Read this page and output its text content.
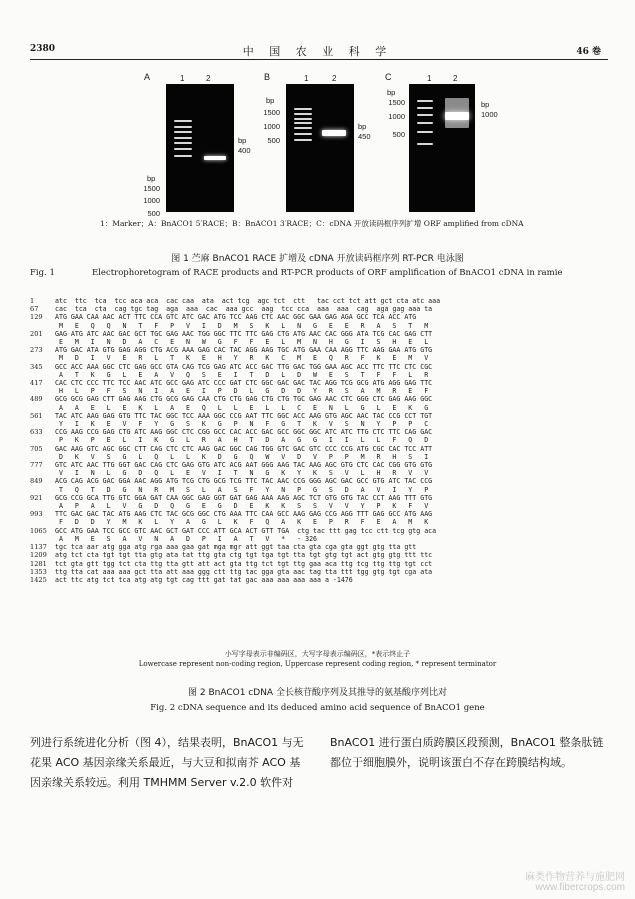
2380	中 国 农 业 科 学	46 卷
A	1	2
bp
1500
1000
500
bp
400
B	1	2
bp
1500
1000
500
bp
450
C	1	2
bp
1500
1000
500
bp
1000
1：Marker；A：BnACO1 5′RACE；B：BnACO1 3′RACE；C：cDNA 开放读码框序列扩增 ORF amplified from cDNA
图 1 苎麻 BnACO1 RACE 扩增及 cDNA 开放读码框序列 RT-PCR 电泳图
Fig. 1	Electrophoretogram of RACE products and RT-PCR products of ORF amplification of BnACO1 cDNA in ramie
1	atc  ttc  tca  tcc aca aca  cac caa  ata  act tcg  agc tct  ctt   tac cct tct att gct cta atc aaa
67	cac  tca  cta  cag tgc tag  aga  aaa  cac  aaa gcc  aag  tcc cca  aaa  aaa  cag  aga gag aaa ta
129	ATG GAA CAA AAC ACT TTC CCA GTC ATC GAC ATG TCC AAG CTC AAC GGC GAA GAG AGA GCC TCA ACC ATG
M   E   Q   Q   N   T   F   P   V   I   D   M   S   K   L   N   G   E   E   R   A   S   T   M
201	GAG ATG ATC AAC GAC GCT TGC GAG AAC TGG GGC TTC TTC GAG CTG ATG AAC CAC GGG ATA TCG CAC GAG CTT
E   M   I   N   D   A   C   E   N   W   G   F   F   E   L   M   N   H   G   I   S   H   E   L
273	ATG GAC ATA GTG GAG AGG CTG ACG AAA GAG CAC TAC AGG AAG TGC ATG GAA CAA AGG TTC AAG GAA ATG GTG
M   D   I   V   E   R   L   T   K   E   H   Y   R   K   C   M   E   Q   R   F   K   E   M   V
345	GCC ACC AAA GGC CTC GAG GCC GTA CAG TCG GAG ATC ACC GAC TTG GAC TGG GAA AGC ACC TTC TTC CTC CGC
A   T   K   G   L   E   A   V   Q   S   E   I   T   D   L   D   W   E   S   T   F   F   L   R
417	CAC CTC CCC TTC TCC AAC ATC GCC GAG ATC CCC GAT CTC GGC GAC GAC TAC AGG TCG GCG ATG AGG GAG TTC
H   L   P   F   S   N   I   A   E   I   P   D   L   G   D   D   Y   R   S   A   M   R   E   F
489	GCG GCG GAG CTT GAG AAG CTG GCG GAG CAA CTG CTG GAG CTG CTG TGC GAG AAC CTC GGG CTC GAG AAG GGC
A   A   E   L   E   K   L   A   E   Q   L   L   E   L   L   C   E   N   L   G   L   E   K   G
561	TAC ATC AAG GAG GTG TTC TAC GGC TCC AAA GGC CCG AAT TTC GGC ACC AAG GTG AGC AAC TAC CCG CCT TGT
Y   I   K   E   V   F   Y   G   S   K   G   P   N   F   G   T   K   V   S   N   Y   P   P   C
633	CCG AAG CCG GAG CTG ATC AAG GGC CTC CGG GCC CAC ACC GAC GCC GGC GGC ATC ATC TTG CTC TTC CAG GAC
P   K   P   E   L   I   K   G   L   R   A   H   T   D   A   G   G   I   I   L   L   F   Q   D
705	GAC AAG GTC AGC GGC CTT CAG CTC CTC AAG GAC GGC CAG TGG GTC GAC GTC CCC CCG ATG CGC CAC TCC ATT
D   K   V   S   G   L   Q   L   L   K   D   G   Q   W   V   D   V   P   P   M   R   H   S   I
777	GTC ATC AAC TTG GGT GAC CAG CTC GAG GTG ATC ACG AAT GGG AAG TAC AAG AGC GTG CTC CAC CGG GTG GTG
V   I   N   L   G   D   Q   L   E   V   I   T   N   G   K   Y   K   S   V   L   H   R   V   V
849	ACG CAG ACG GAC GGA AAC AGG ATG TCG CTG GCG TCG TTC TAC AAC CCG GGG AGC GAC GCC GTG ATC TAC CCG
T   Q   T   D   G   N   R   M   S   L   A   S   F   Y   N   P   G   S   D   A   V   I   Y   P
921	GCG CCG GCA TTG GTC GGA GAT CAA GGC GAG GGT GAT GAG AAA AAG AGC TCT GTG GTG TAC CCT AAG TTT GTG
A   P   A   L   V   G   D   Q   G   E   G   D   E   K   K   S   S   V   V   Y   P   K   F   V
993	TTC GAC GAC TAC ATG AAG CTC TAC GCG GGC CTG AAA TTC CAA GCC AAG GAG CCG AGG TTT GAG GCC ATG AAG
F   D   D   Y   M   K   L   Y   A   G   L   K   F   Q   A   K   E   P   R   F   E   A   M   K
1065	GCC ATG GAA TCC GCC GTC AAC GCT GAT CCC ATT GCA ACT GTT TGA  ctg tac ttt gag tcc ctt tcg gtg aca
A   M   E   S   A   V   N   A   D   P   I   A   T   V   *   - 326
1137	tgc tca aar atg gga atg rga aaa gaa gat mga mgr att ggt taa cta gta cga gta ggt gtg tta gtt
1209	atg tct cta tgt tgt tta gtg ata tat ttg gta ctg tgt tga tgt tta tgt gtg tgt act gtg gtg ttt ttc
1281	tct gta gtt tgg tct cta ttg tta gtt att act gta ttg tct tgt ttg gaa aca ttg tcg ttg ttg tgt cct
1353	ttg tta cat aaa aaa gct tta att aaa ggg ctt ttg tac gga gta aac tag tta ttt tgg gtg tgt cga ata
1425	act ttc atg tct tca atg atg tgt cag ttt gat tat gac aaa aaa aaa aaa a -1476
小写字母表示非编码区，大写字母表示编码区，*表示终止子
Lowercase represent non-coding region, Uppercase represent coding region, * represent terminator
图 2 BnACO1 cDNA 全长核苷酸序列及其推导的氨基酸序列比对
Fig. 2 cDNA sequence and its deduced amino acid sequence of BnACO1 gene
列进行系统进化分析（图 4），结果表明，BnACO1 与无花果 ACO 基因亲缘关系最近，与大豆和拟南芥 ACO 基因亲缘关系较远。利用 TMHMM Server v.2.0 软件对
BnACO1 进行蛋白质跨膜区段预测，BnACO1 整条肽链都位于细胞膜外，说明该蛋白不存在跨膜结构域。
麻类作物营养与施肥网
www.fibercrops.com
